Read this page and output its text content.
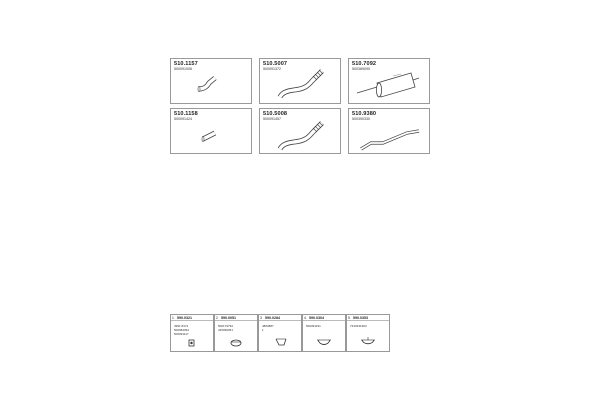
510.1157
500091006
510.5007
500091372
510.7092
500389090
510.1158
500091424
510.5008
500091457
510.9380
500390330
1 590.0321
4991 8474
500084094
500091117
2 590.0051
500179792
425090051
3 590.0284
4863887
1
4 590.0304
500391191
5 590.0353
7443331903
